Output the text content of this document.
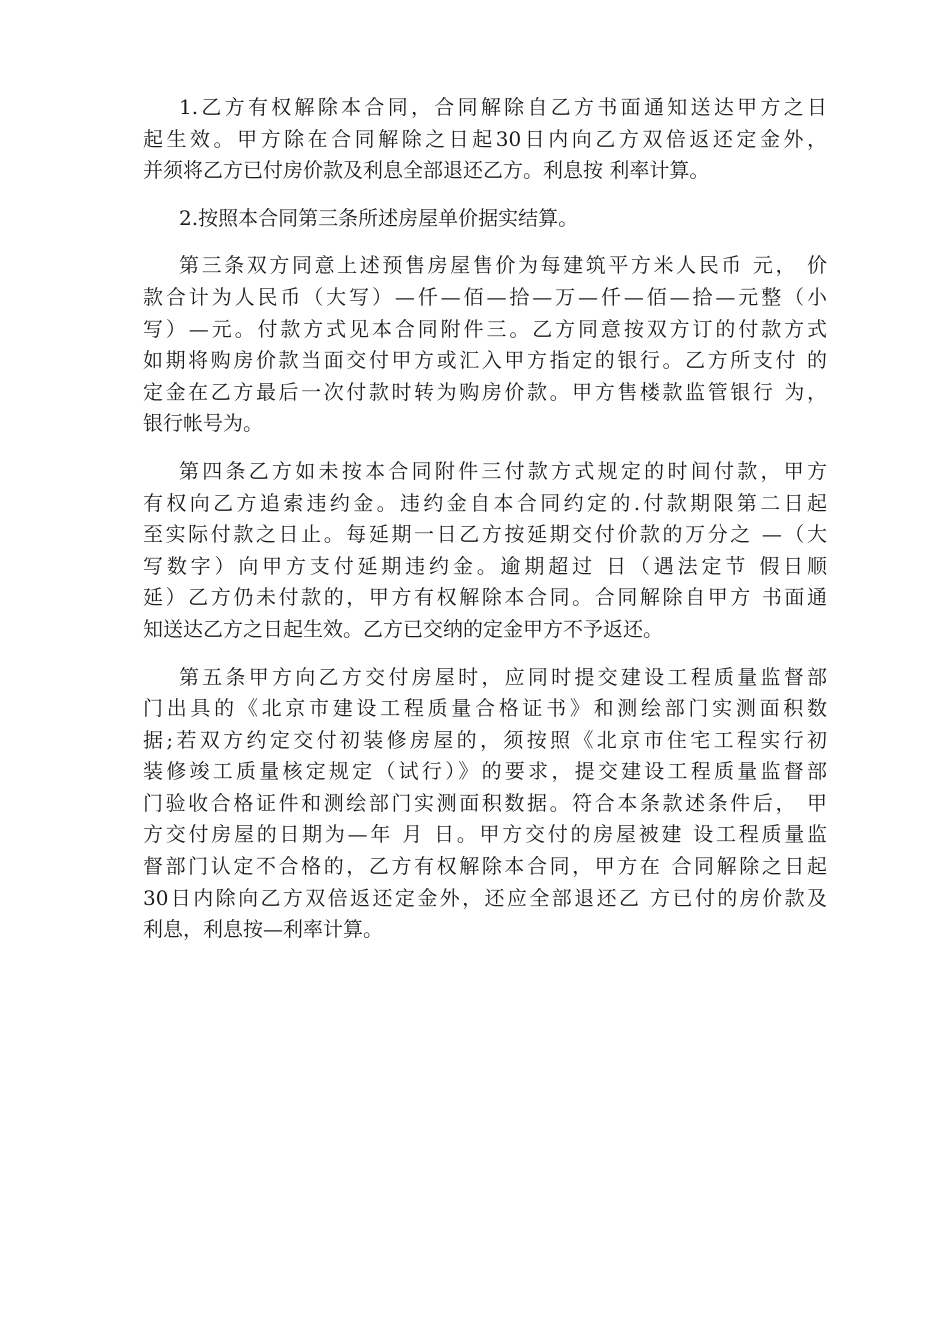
1.乙方有权解除本合同，合同解除自乙方书面通知送达甲方之日
起生效。甲方除在合同解除之日起30日内向乙方双倍返还定金外，
并须将乙方已付房价款及利息全部退还乙方。利息按 利率计算。
2.按照本合同第三条所述房屋单价据实结算。
第三条双方同意上述预售房屋售价为每建筑平方米人民币 元， 价
款合计为人民币（大写）—仟—佰—拾—万—仟—佰—拾—元整（小
写）—元。付款方式见本合同附件三。乙方同意按双方订的付款方式
如期将购房价款当面交付甲方或汇入甲方指定的银行。乙方所支付 的
定金在乙方最后一次付款时转为购房价款。甲方售楼款监管银行 为，
银行帐号为。
第四条乙方如未按本合同附件三付款方式规定的时间付款，甲方
有权向乙方追索违约金。违约金自本合同约定的.付款期限第二日起
至实际付款之日止。每延期一日乙方按延期交付价款的万分之 —（大
写数字）向甲方支付延期违约金。逾期超过 日（遇法定节 假日顺
延）乙方仍未付款的，甲方有权解除本合同。合同解除自甲方 书面通
知送达乙方之日起生效。乙方已交纳的定金甲方不予返还。
第五条甲方向乙方交付房屋时，应同时提交建设工程质量监督部
门出具的《北京市建设工程质量合格证书》和测绘部门实测面积数
据;若双方约定交付初装修房屋的，须按照《北京市住宅工程实行初
装修竣工质量核定规定（试行）》的要求，提交建设工程质量监督部
门验收合格证件和测绘部门实测面积数据。符合本条款述条件后， 甲
方交付房屋的日期为—年 月 日。甲方交付的房屋被建 设工程质量监
督部门认定不合格的，乙方有权解除本合同，甲方在 合同解除之日起
30日内除向乙方双倍返还定金外，还应全部退还乙 方已付的房价款及
利息，利息按—利率计算。
